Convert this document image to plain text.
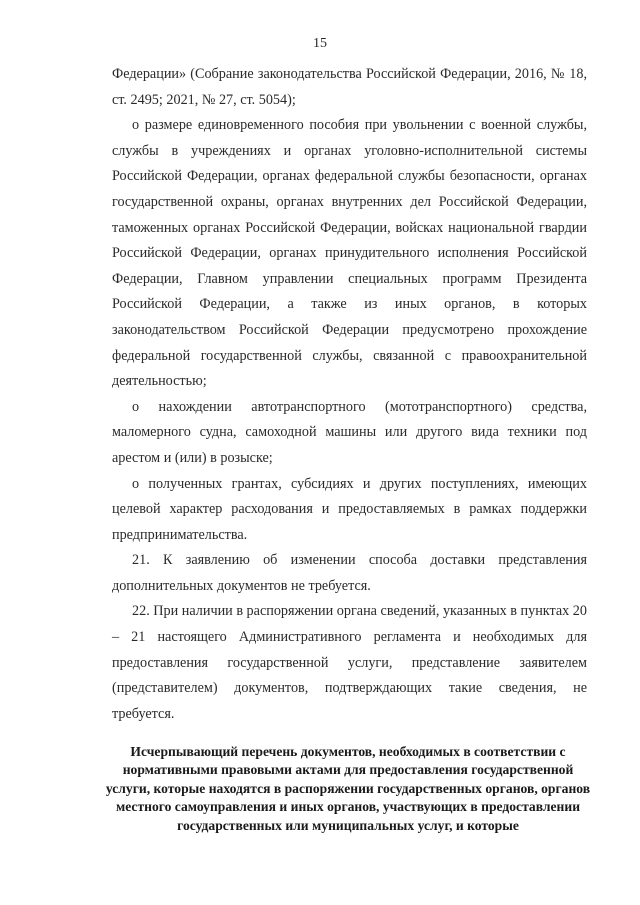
15

Федерации» (Собрание законодательства Российской Федерации, 2016, № 18, ст. 2495; 2021, № 27, ст. 5054);

о размере единовременного пособия при увольнении с военной службы, службы в учреждениях и органах уголовно-исполнительной системы Российской Федерации, органах федеральной службы безопасности, органах государственной охраны, органах внутренних дел Российской Федерации, таможенных органах Российской Федерации, войсках национальной гвардии Российской Федерации, органах принудительного исполнения Российской Федерации, Главном управлении специальных программ Президента Российской Федерации, а также из иных органов, в которых законодательством Российской Федерации предусмотрено прохождение федеральной государственной службы, связанной с правоохранительной деятельностью;

о нахождении автотранспортного (мототранспортного) средства, маломерного судна, самоходной машины или другого вида техники под арестом и (или) в розыске;

о полученных грантах, субсидиях и других поступлениях, имеющих целевой характер расходования и предоставляемых в рамках поддержки предпринимательства.

21. К заявлению об изменении способа доставки представления дополнительных документов не требуется.

22. При наличии в распоряжении органа сведений, указанных в пунктах 20 – 21 настоящего Административного регламента и необходимых для предоставления государственной услуги, представление заявителем (представителем) документов, подтверждающих такие сведения, не требуется.

Исчерпывающий перечень документов, необходимых в соответствии с нормативными правовыми актами для предоставления государственной услуги, которые находятся в распоряжении государственных органов, органов местного самоуправления и иных органов, участвующих в предоставлении государственных или муниципальных услуг, и которые
